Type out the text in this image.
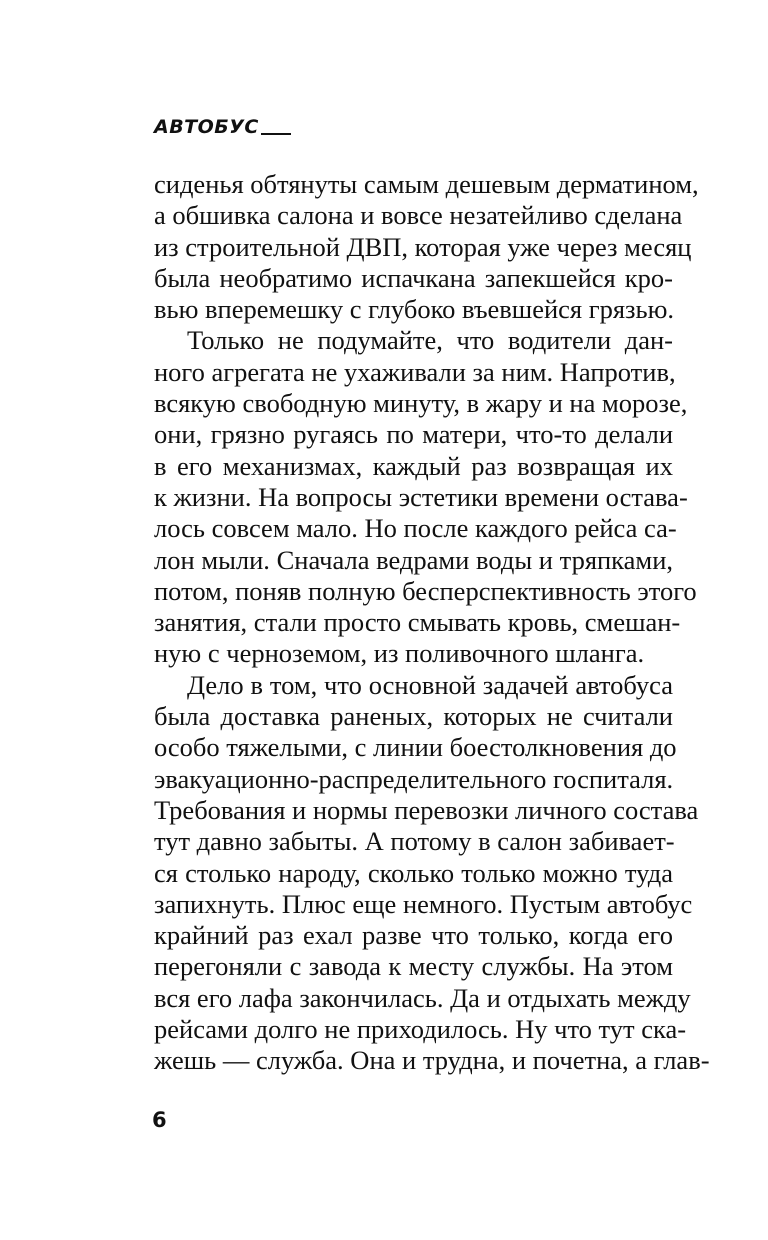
АВТОБУС
сиденья обтянуты самым дешевым дерматином,
а обшивка салона и вовсе незатейливо сделана
из строительной ДВП, которая уже через месяц
была необратимо испачкана запекшейся кро-
вью вперемешку с глубоко въевшейся грязью.
Только не подумайте, что водители дан-
ного агрегата не ухаживали за ним. Напротив,
всякую свободную минуту, в жару и на морозе,
они, грязно ругаясь по матери, что-то делали
в его механизмах, каждый раз возвращая их
к жизни. На вопросы эстетики времени остава-
лось совсем мало. Но после каждого рейса са-
лон мыли. Сначала ведрами воды и тряпками,
потом, поняв полную бесперспективность этого
занятия, стали просто смывать кровь, смешан-
ную с черноземом, из поливочного шланга.
Дело в том, что основной задачей автобуса
была доставка раненых, которых не считали
особо тяжелыми, с линии боестолкновения до
эвакуационно-распределительного госпиталя.
Требования и нормы перевозки личного состава
тут давно забыты. А потому в салон забивает-
ся столько народу, сколько только можно туда
запихнуть. Плюс еще немного. Пустым автобус
крайний раз ехал разве что только, когда его
перегоняли с завода к месту службы. На этом
вся его лафа закончилась. Да и отдыхать между
рейсами долго не приходилось. Ну что тут ска-
жешь — служба. Она и трудна, и почетна, а глав-
6
